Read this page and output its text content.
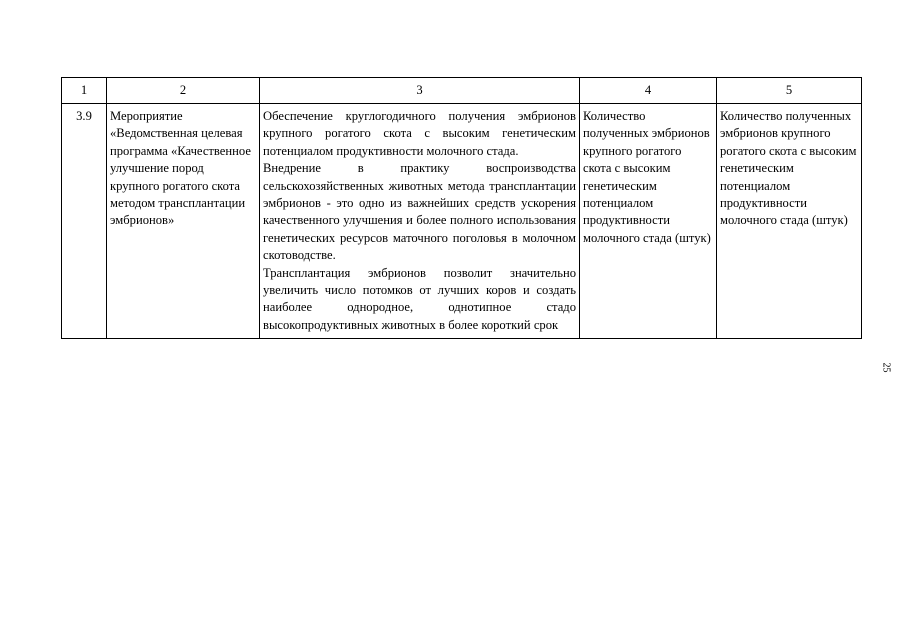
1	2	3	4	5
3.9	Мероприятие «Ведомственная целевая программа «Качественное улучшение пород крупного рогатого скота методом трансплантации эмбрионов»	Обеспечение круглогодичного получения эмбрионов крупного рогатого скота с высоким генетическим потенциалом продуктивности молочного стада.
Внедрение в практику воспроизводства сельскохозяйственных животных метода трансплантации эмбрионов - это одно из важнейших средств ускорения качественного улучшения и более полного использования генетических ресурсов маточного поголовья в молочном скотоводстве.
Трансплантация эмбрионов позволит значительно увеличить число потомков от лучших коров и создать наиболее однородное, однотипное стадо высокопродуктивных животных в более короткий срок	Количество полученных эмбрионов крупного рогатого скота с высоким генетическим потенциалом продуктивности молочного стада (штук)	Количество полученных эмбрионов крупного рогатого скота с высоким генетическим потенциалом продуктивности молочного стада (штук)
25
